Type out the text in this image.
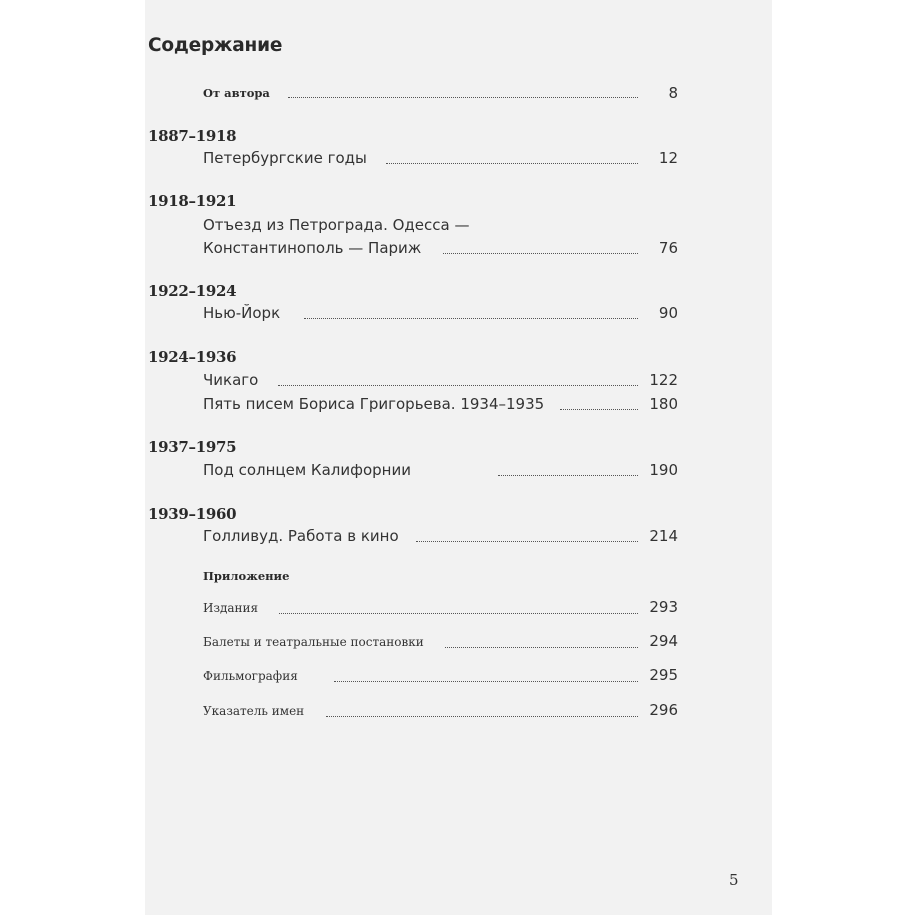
Содержание
От автора	8
1887–1918
Петербургские годы	12
1918–1921
Отъезд из Петрограда. Одесса —
Константинополь — Париж	76
1922–1924
Нью-Йорк	90
1924–1936
Чикаго	122
Пять писем Бориса Григорьева. 1934–1935	180
1937–1975
Под солнцем Калифорнии	190
1939–1960
Голливуд. Работа в кино	214
Приложение
Издания	293
Балеты и театральные постановки	294
Фильмография	295
Указатель имен	296
5
